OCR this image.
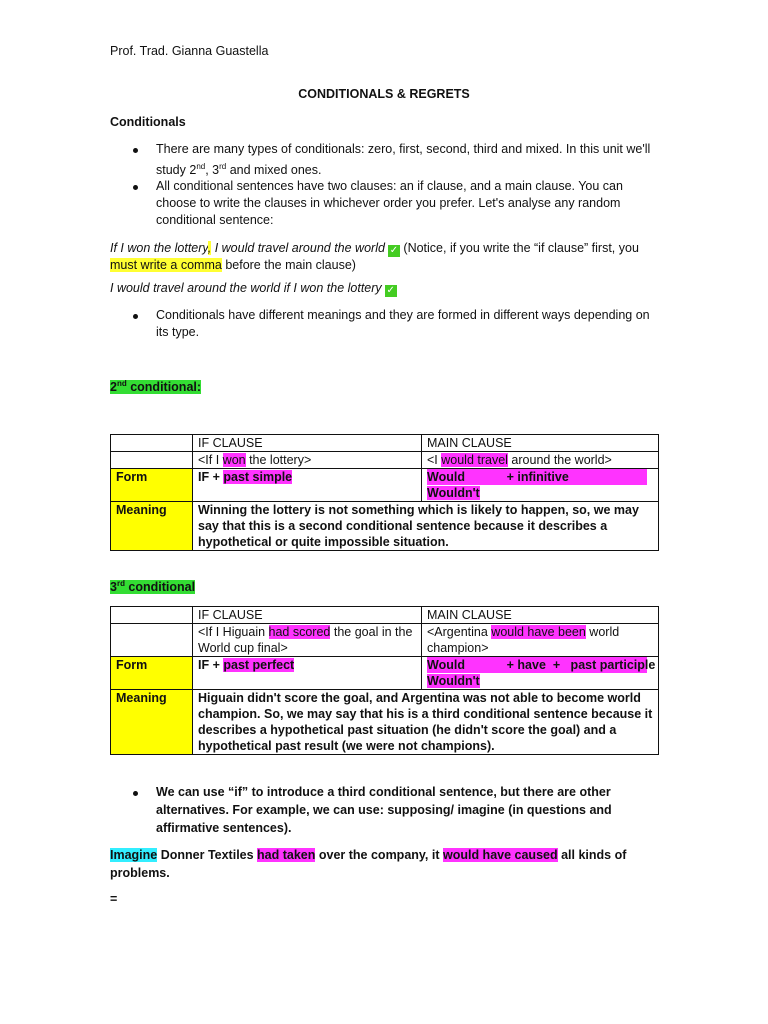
Prof. Trad. Gianna Guastella
CONDITIONALS & REGRETS
Conditionals
There are many types of conditionals: zero, first, second, third and mixed. In this unit we'll study 2nd, 3rd and mixed ones.
All conditional sentences have two clauses: an if clause, and a main clause. You can choose to write the clauses in whichever order you prefer. Let's analyse any random conditional sentence:
If I won the lottery, I would travel around the world ✓ (Notice, if you write the “if clause” first, you must write a comma before the main clause)
I would travel around the world if I won the lottery ✓
Conditionals have different meanings and they are formed in different ways depending on its type.
2nd conditional:
	IF CLAUSE	MAIN CLAUSE
	<If I won the lottery>	<I would travel around the world>
Form	IF + past simple	Would            + infinitive
Wouldn't
Meaning	Winning the lottery is not something which is likely to happen, so, we may say that this is a second conditional sentence because it describes a hypothetical or quite impossible situation.	
3rd conditional
	IF CLAUSE	MAIN CLAUSE
	<If I Higuain had scored the goal in the World cup final>	<Argentina would have been world champion>
Form	IF + past perfect	Would            + have  +   past participle
Wouldn't
Meaning	Higuain didn't score the goal, and Argentina was not able to become world champion. So, we may say that his is a third conditional sentence because it describes a hypothetical past situation (he didn't score the goal) and a hypothetical past result (we were not champions).	
We can use “if” to introduce a third conditional sentence, but there are other alternatives. For example, we can use: supposing/ imagine (in questions and affirmative sentences).
Imagine Donner Textiles had taken over the company, it would have caused all kinds of problems.
=
